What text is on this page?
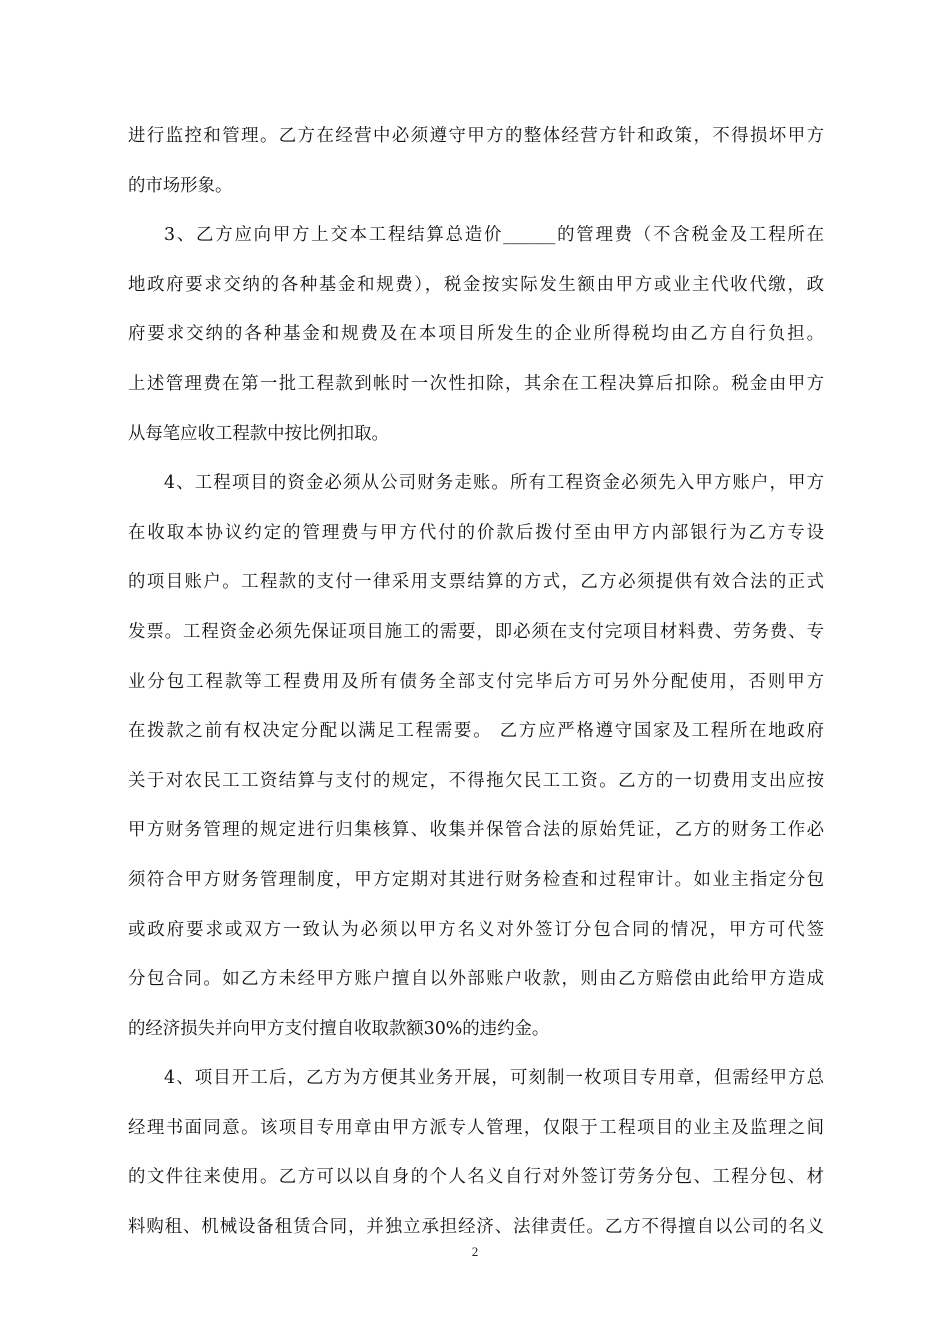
进行监控和管理。乙方在经营中必须遵守甲方的整体经营方针和政策，不得损坏甲方
的市场形象。
3、乙方应向甲方上交本工程结算总造价______的管理费（不含税金及工程所在
地政府要求交纳的各种基金和规费），税金按实际发生额由甲方或业主代收代缴，政
府要求交纳的各种基金和规费及在本项目所发生的企业所得税均由乙方自行负担。
上述管理费在第一批工程款到帐时一次性扣除，其余在工程决算后扣除。税金由甲方
从每笔应收工程款中按比例扣取。
4、工程项目的资金必须从公司财务走账。所有工程资金必须先入甲方账户，甲方
在收取本协议约定的管理费与甲方代付的价款后拨付至由甲方内部银行为乙方专设
的项目账户。工程款的支付一律采用支票结算的方式，乙方必须提供有效合法的正式
发票。工程资金必须先保证项目施工的需要，即必须在支付完项目材料费、劳务费、专
业分包工程款等工程费用及所有债务全部支付完毕后方可另外分配使用，否则甲方
在拨款之前有权决定分配以满足工程需要。 乙方应严格遵守国家及工程所在地政府
关于对农民工工资结算与支付的规定，不得拖欠民工工资。乙方的一切费用支出应按
甲方财务管理的规定进行归集核算、收集并保管合法的原始凭证，乙方的财务工作必
须符合甲方财务管理制度，甲方定期对其进行财务检查和过程审计。如业主指定分包
或政府要求或双方一致认为必须以甲方名义对外签订分包合同的情况，甲方可代签
分包合同。如乙方未经甲方账户擅自以外部账户收款，则由乙方赔偿由此给甲方造成
的经济损失并向甲方支付擅自收取款额30%的违约金。
4、项目开工后，乙方为方便其业务开展，可刻制一枚项目专用章，但需经甲方总
经理书面同意。该项目专用章由甲方派专人管理，仅限于工程项目的业主及监理之间
的文件往来使用。乙方可以以自身的个人名义自行对外签订劳务分包、工程分包、材
料购租、机械设备租赁合同，并独立承担经济、法律责任。乙方不得擅自以公司的名义
2
